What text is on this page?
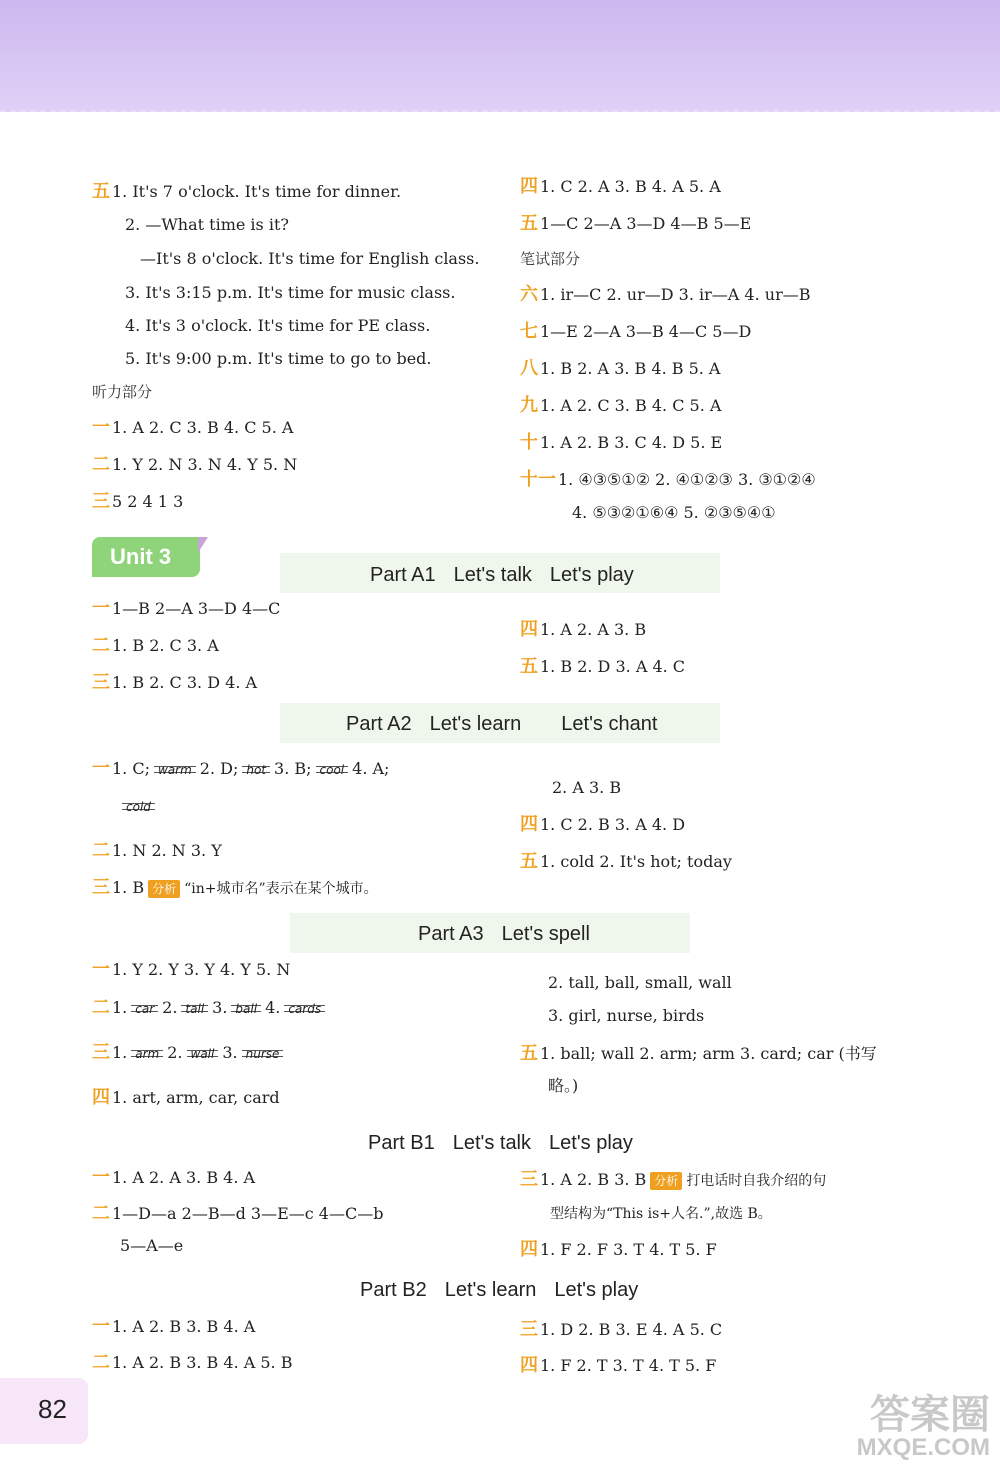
五 1. It's 7 o'clock. It's time for dinner.
2. —What time is it?
—It's 8 o'clock. It's time for English class.
3. It's 3:15 p.m. It's time for music class.
4. It's 3 o'clock. It's time for PE class.
5. It's 9:00 p.m. It's time to go to bed.
听力部分
一 1. A 2. C 3. B 4. C 5. A
二 1. Y 2. N 3. N 4. Y 5. N
三 5 2 4 1 3
四 1. C 2. A 3. B 4. A 5. A
五 1—C 2—A 3—D 4—B 5—E
笔试部分
六 1. ir—C 2. ur—D 3. ir—A 4. ur—B
七 1—E 2—A 3—B 4—C 5—D
八 1. B 2. A 3. B 4. B 5. A
九 1. A 2. C 3. B 4. C 5. A
十 1. A 2. B 3. C 4. D 5. E
十一 1. ④③⑤①② 2. ④①②③ 3. ③①②④
4. ⑤③②①⑥④ 5. ②③⑤④①
Unit 3
Part A1 Let's talk Let's play
一 1—B 2—A 3—D 4—C
二 1. B 2. C 3. A
三 1. B 2. C 3. D 4. A
四 1. A 2. A 3. B
五 1. B 2. D 3. A 4. C
Part A2 Let's learn Let's chant
一 1. C; warm 2. D; hot 3. B; cool 4. A;
cold
二 1. N 2. N 3. Y
三 1. B 分析 “in+城市名”表示在某个城市。
2. A 3. B
四 1. C 2. B 3. A 4. D
五 1. cold 2. It's hot; today
Part A3 Let's spell
一 1. Y 2. Y 3. Y 4. Y 5. N
二 1. car 2. tall 3. ball 4. cards
三 1. arm 2. wall 3. nurse
四 1. art, arm, car, card
2. tall, ball, small, wall
3. girl, nurse, birds
五 1. ball; wall 2. arm; arm 3. card; car (书写
略。)
Part B1 Let's talk Let's play
一 1. A 2. A 3. B 4. A
二 1—D—a 2—B—d 3—E—c 4—C—b
5—A—e
三 1. A 2. B 3. B 分析 打电话时自我介绍的句
型结构为“This is+人名.”,故选 B。
四 1. F 2. F 3. T 4. T 5. F
Part B2 Let's learn Let's play
一 1. A 2. B 3. B 4. A
二 1. A 2. B 3. B 4. A 5. B
三 1. D 2. B 3. E 4. A 5. C
四 1. F 2. T 3. T 4. T 5. F
82	答案圈
MXQE.COM
